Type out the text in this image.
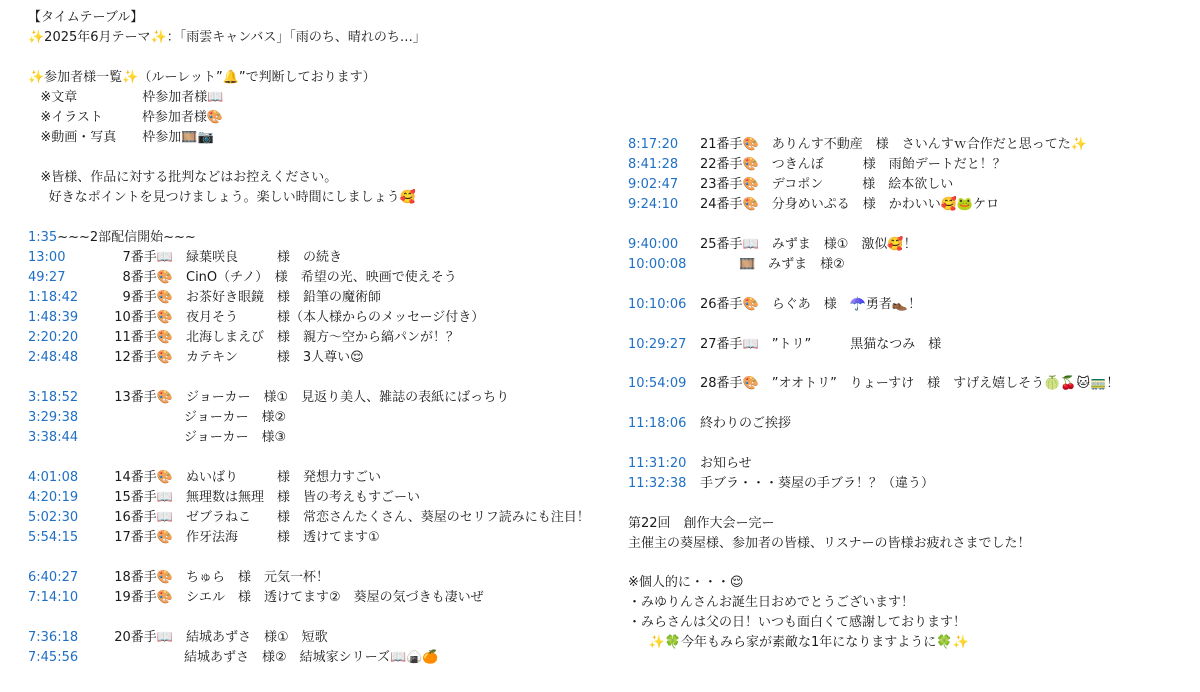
【タイムテーブル】
✨2025年6月テーマ✨：「雨雲キャンバス」「雨のち、晴れのち…」
✨参加者様一覧✨（ルーレット”🔔”で判断しております）
※文章　　　　　枠参加者様📖
※イラスト　　　枠参加者様🎨
※動画・写真　　枠参加🎞️📷
※皆様、作品に対する批判などはお控えください。
好きなポイントを見つけましょう。楽しい時間にしましょう🥰
1:35~~~2部配信開始~~~
13:00	7番手📖　緑葉咲良　　　様　の続き
49:27	8番手🎨　CinO（チノ）　様　希望の光、映画で使えそう
1:18:42    9番手🎨　お茶好き眼鏡　様　鉛筆の魔術師
1:48:39  10番手🎨　夜月そう　　　様（本人様からのメッセージ付き）
2:20:20  11番手🎨　北海しまえび　様　親方〜空から縞パンが！？
2:48:48  12番手🎨　カテキン　　　様　3人尊い😌
3:18:52  13番手🎨　ジョーカー　様①　見返り美人、雑誌の表紙にばっちり
3:29:38　　　　　　ジョーカー　様②
3:38:44　　　　　　ジョーカー　様③
4:01:08  14番手🎨　ぬいばり　　　様　発想力すごい
4:20:19  15番手📖　無理数は無理　様　皆の考えもすごーい
5:02:30  16番手📖　ゼブラねこ　　様　常恋さんたくさん、葵屋のセリフ読みにも注目！
5:54:15  17番手🎨　作牙法海　　　様　透けてます①
6:40:27  18番手🎨　ちゅら　様　元気一杯！
7:14:10  19番手🎨　シエル　様　透けてます②　葵屋の気づきも凄いぜ
7:36:18  20番手📖　結城あずさ　様①　短歌
7:45:56　　　　　　結城あずさ　様②　結城家シリーズ📖🍙🍊
8:17:20 21番手🎨　ありんす不動産　様　さいんすｗ合作だと思ってた✨
8:41:28 22番手🎨　つきんぼ　　　様　雨飴デートだと！？
9:02:47 23番手🎨　デコポン　　　様　絵本欲しい
9:24:10 24番手🎨　分身めいぷる　様　かわいい🥰🐸ケロ
9:40:00 25番手📖　みずま　様①　激似🥰！
10:00:08　　　🎞️　みずま　様②
10:10:06 26番手🎨　らぐあ　様　☂️勇者👞！
10:29:27 27番手📖　”トリ”　　　黒猫なつみ　様
10:54:09 28番手🎨　”オオトリ”　りょーすけ　様　すげえ嬉しそう🍈🍒🐱🚃！
11:18:06 終わりのご挨拶
11:31:20 お知らせ
11:32:38 手ブラ・・・葵屋の手ブラ！？（違う）
第22回　創作大会ー完ー
主催主の葵屋様、参加者の皆様、リスナーの皆様お疲れさまでした！
※個人的に・・・😌
・みゆりんさんお誕生日おめでとうございます！
・みらさんは父の日！いつも面白くて感謝しております！
✨🍀今年もみら家が素敵な1年になりますように🍀✨
